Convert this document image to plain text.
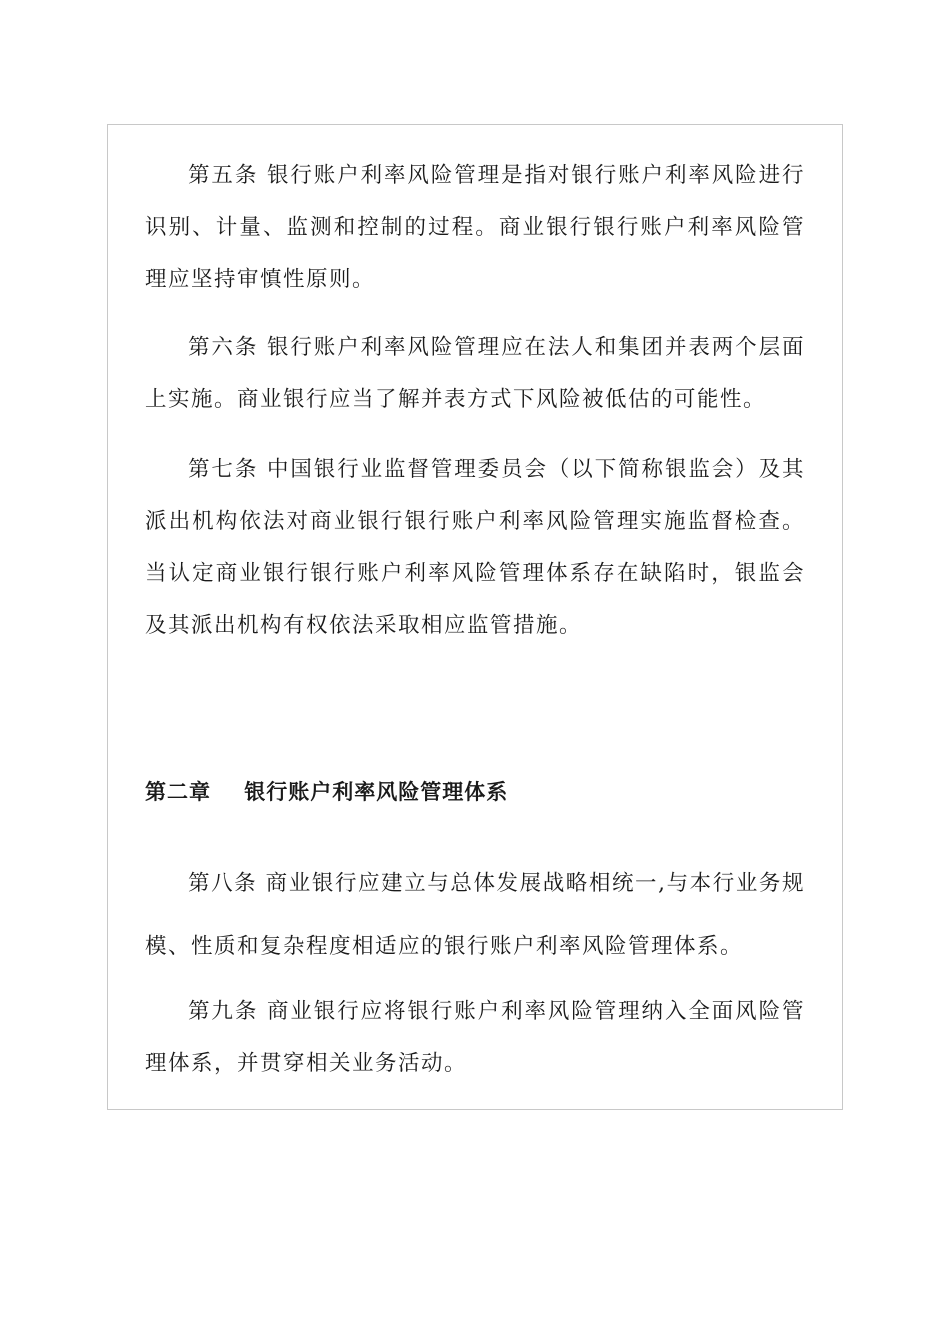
第五条 银行账户利率风险管理是指对银行账户利率风险进行识别、计量、监测和控制的过程。商业银行银行账户利率风险管理应坚持审慎性原则。

第六条 银行账户利率风险管理应在法人和集团并表两个层面上实施。商业银行应当了解并表方式下风险被低估的可能性。

第七条 中国银行业监督管理委员会（以下简称银监会）及其派出机构依法对商业银行银行账户利率风险管理实施监督检查。当认定商业银行银行账户利率风险管理体系存在缺陷时，银监会及其派出机构有权依法采取相应监管措施。

第二章 银行账户利率风险管理体系

第八条 商业银行应建立与总体发展战略相统一,与本行业务规模、性质和复杂程度相适应的银行账户利率风险管理体系。

第九条 商业银行应将银行账户利率风险管理纳入全面风险管理体系，并贯穿相关业务活动。
